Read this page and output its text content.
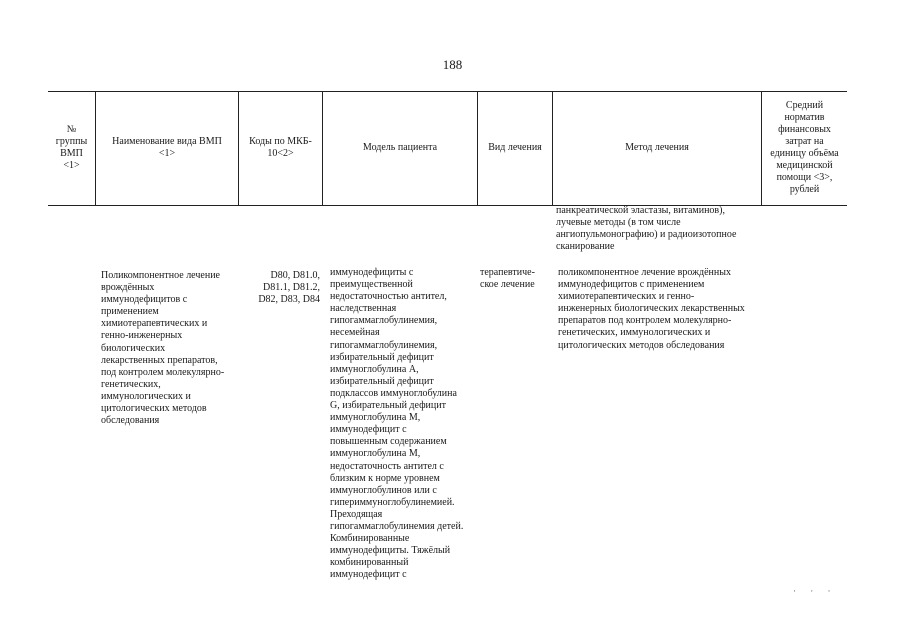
188
№
группы
ВМП
<1>
Наименование вида ВМП
<1>
Коды по МКБ-
10<2>
Модель пациента	Вид лечения	Метод лечения
Средний
норматив
финансовых
затрат на
единицу объёма
медицинской
помощи <3>,
рублей
панкреатической эластазы, витаминов),
лучевые методы (в том числе
ангиопульмонографию) и радиоизотопное
сканирование
Поликомпонентное лечение
врождённых
иммунодефицитов с
применением
химиотерапевтических и
генно-инженерных
биологических
лекарственных препаратов,
под контролем молекулярно-
генетических,
иммунологических и
цитологических методов
обследования
D80, D81.0,
D81.1, D81.2,
D82, D83, D84
иммунодефициты с
преимущественной
недостаточностью антител,
наследственная
гипогаммаглобулинемия,
несемейная
гипогаммаглобулинемия,
избирательный дефицит
иммуноглобулина А,
избирательный дефицит
подклассов иммуноглобулина
G, избирательный дефицит
иммуноглобулина М,
иммунодефицит с
повышенным содержанием
иммуноглобулина М,
недостаточность антител с
близким к норме уровнем
иммуноглобулинов или с
гипериммуноглобулинемией.
Преходящая
гипогаммаглобулинемия детей.
Комбинированные
иммунодефициты. Тяжёлый
комбинированный
иммунодефицит с
терапевтиче-
ское лечение
поликомпонентное лечение врождённых
иммунодефицитов с применением
химиотерапевтических и генно-
инженерных биологических лекарственных
препаратов под контролем молекулярно-
генетических, иммунологических и
цитологических методов обследования
· · ·
